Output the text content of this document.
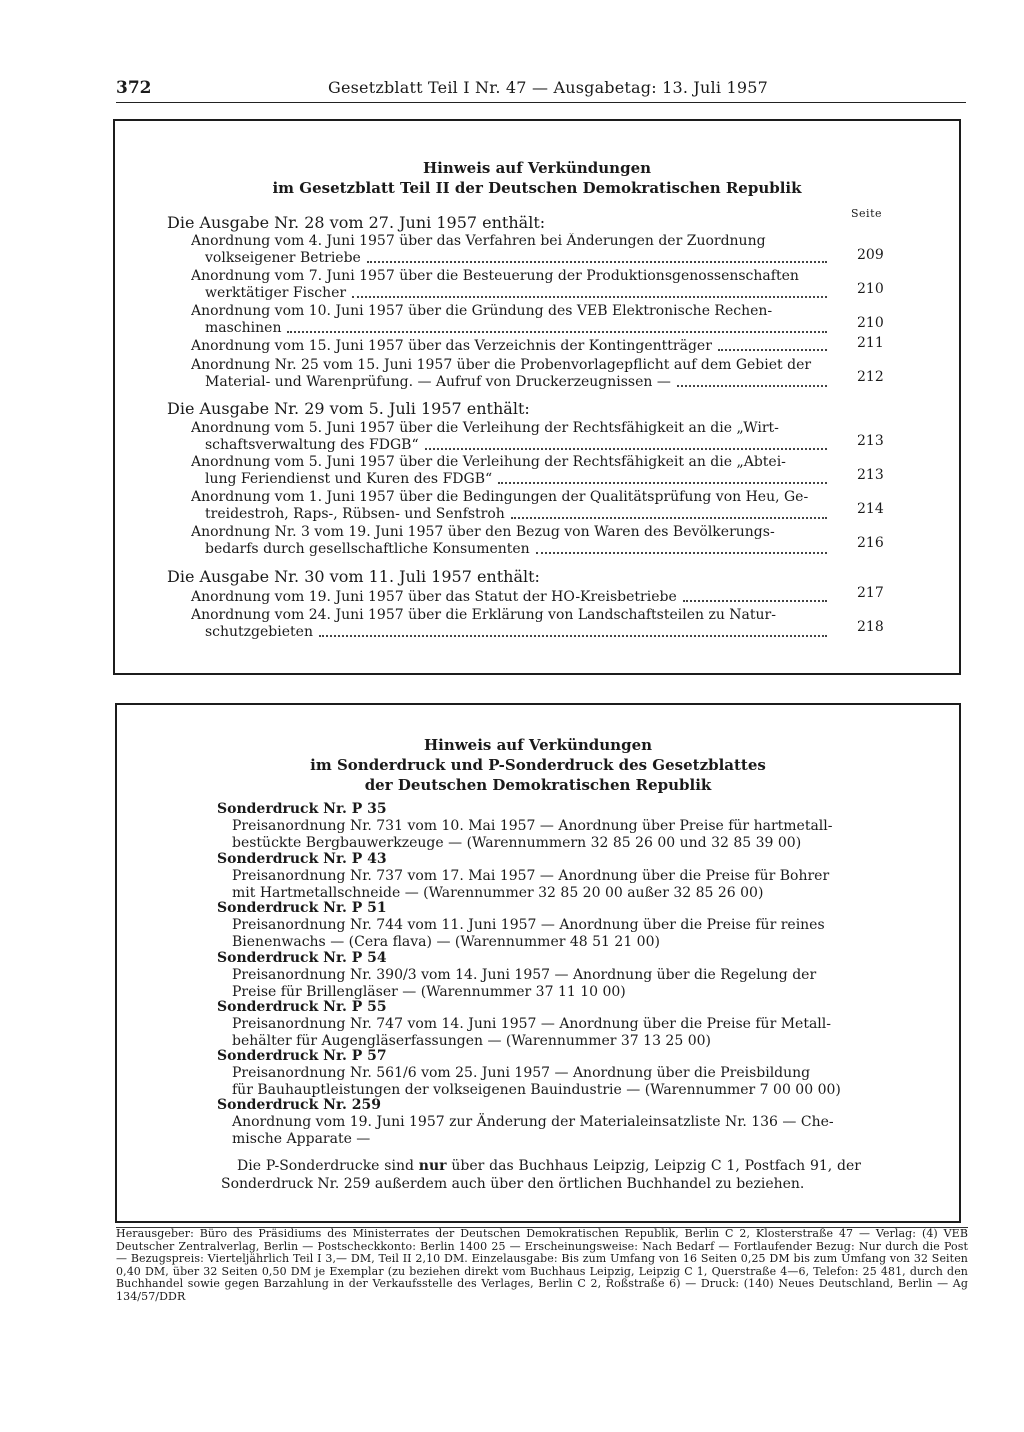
372	Gesetzblatt Teil I Nr. 47 — Ausgabetag: 13. Juli 1957
Hinweis auf Verkündungen
im Gesetzblatt Teil II der Deutschen Demokratischen Republik
Seite
Die Ausgabe Nr. 28 vom 27. Juni 1957 enthält:
Anordnung vom 4. Juni 1957 über das Verfahren bei Änderungen der Zuordnung
volkseigener Betriebe	209
Anordnung vom 7. Juni 1957 über die Besteuerung der Produktionsgenossenschaften
werktätiger Fischer	210
Anordnung vom 10. Juni 1957 über die Gründung des VEB Elektronische Rechen-
maschinen	210
Anordnung vom 15. Juni 1957 über das Verzeichnis der Kontingentträger	211
Anordnung Nr. 25 vom 15. Juni 1957 über die Probenvorlagepflicht auf dem Gebiet der
Material- und Warenprüfung. — Aufruf von Druckerzeugnissen —	212
Die Ausgabe Nr. 29 vom 5. Juli 1957 enthält:
Anordnung vom 5. Juni 1957 über die Verleihung der Rechtsfähigkeit an die „Wirt-
schaftsverwaltung des FDGB“	213
Anordnung vom 5. Juni 1957 über die Verleihung der Rechtsfähigkeit an die „Abtei-
lung Feriendienst und Kuren des FDGB“	213
Anordnung vom 1. Juni 1957 über die Bedingungen der Qualitätsprüfung von Heu, Ge-
treidestroh, Raps-, Rübsen- und Senfstroh	214
Anordnung Nr. 3 vom 19. Juni 1957 über den Bezug von Waren des Bevölkerungs-
bedarfs durch gesellschaftliche Konsumenten	216
Die Ausgabe Nr. 30 vom 11. Juli 1957 enthält:
Anordnung vom 19. Juni 1957 über das Statut der HO-Kreisbetriebe	217
Anordnung vom 24. Juni 1957 über die Erklärung von Landschaftsteilen zu Natur-
schutzgebieten	218
Hinweis auf Verkündungen
im Sonderdruck und P-Sonderdruck des Gesetzblattes
der Deutschen Demokratischen Republik
Sonderdruck Nr. P 35
Preisanordnung Nr. 731 vom 10. Mai 1957 — Anordnung über Preise für hartmetall-
bestückte Bergbauwerkzeuge — (Warennummern 32 85 26 00 und 32 85 39 00)
Sonderdruck Nr. P 43
Preisanordnung Nr. 737 vom 17. Mai 1957 — Anordnung über die Preise für Bohrer
mit Hartmetallschneide — (Warennummer 32 85 20 00 außer 32 85 26 00)
Sonderdruck Nr. P 51
Preisanordnung Nr. 744 vom 11. Juni 1957 — Anordnung über die Preise für reines
Bienenwachs — (Cera flava) — (Warennummer 48 51 21 00)
Sonderdruck Nr. P 54
Preisanordnung Nr. 390/3 vom 14. Juni 1957 — Anordnung über die Regelung der
Preise für Brillengläser — (Warennummer 37 11 10 00)
Sonderdruck Nr. P 55
Preisanordnung Nr. 747 vom 14. Juni 1957 — Anordnung über die Preise für Metall-
behälter für Augengläserfassungen — (Warennummer 37 13 25 00)
Sonderdruck Nr. P 57
Preisanordnung Nr. 561/6 vom 25. Juni 1957 — Anordnung über die Preisbildung
für Bauhauptleistungen der volkseigenen Bauindustrie — (Warennummer 7 00 00 00)
Sonderdruck Nr. 259
Anordnung vom 19. Juni 1957 zur Änderung der Materialeinsatzliste Nr. 136 — Che-
mische Apparate —
Die P-Sonderdrucke sind nur über das Buchhaus Leipzig, Leipzig C 1, Postfach 91, der Sonderdruck Nr. 259 außerdem auch über den örtlichen Buchhandel zu beziehen.
Herausgeber: Büro des Präsidiums des Ministerrates der Deutschen Demokratischen Republik, Berlin C 2, Klosterstraße 47 — Verlag: (4) VEB Deutscher Zentralverlag, Berlin — Postscheckkonto: Berlin 1400 25 — Erscheinungsweise: Nach Bedarf — Fortlaufender Bezug: Nur durch die Post — Bezugspreis: Vierteljährlich Teil I 3,— DM, Teil II 2,10 DM. Einzelausgabe: Bis zum Umfang von 16 Seiten 0,25 DM bis zum Umfang von 32 Seiten 0,40 DM, über 32 Seiten 0,50 DM je Exemplar (zu beziehen direkt vom Buchhaus Leipzig, Leipzig C 1, Querstraße 4—6, Telefon: 25 481, durch den Buchhandel sowie gegen Barzahlung in der Verkaufsstelle des Verlages, Berlin C 2, Roßstraße 6) — Druck: (140) Neues Deutschland, Berlin — Ag 134/57/DDR
